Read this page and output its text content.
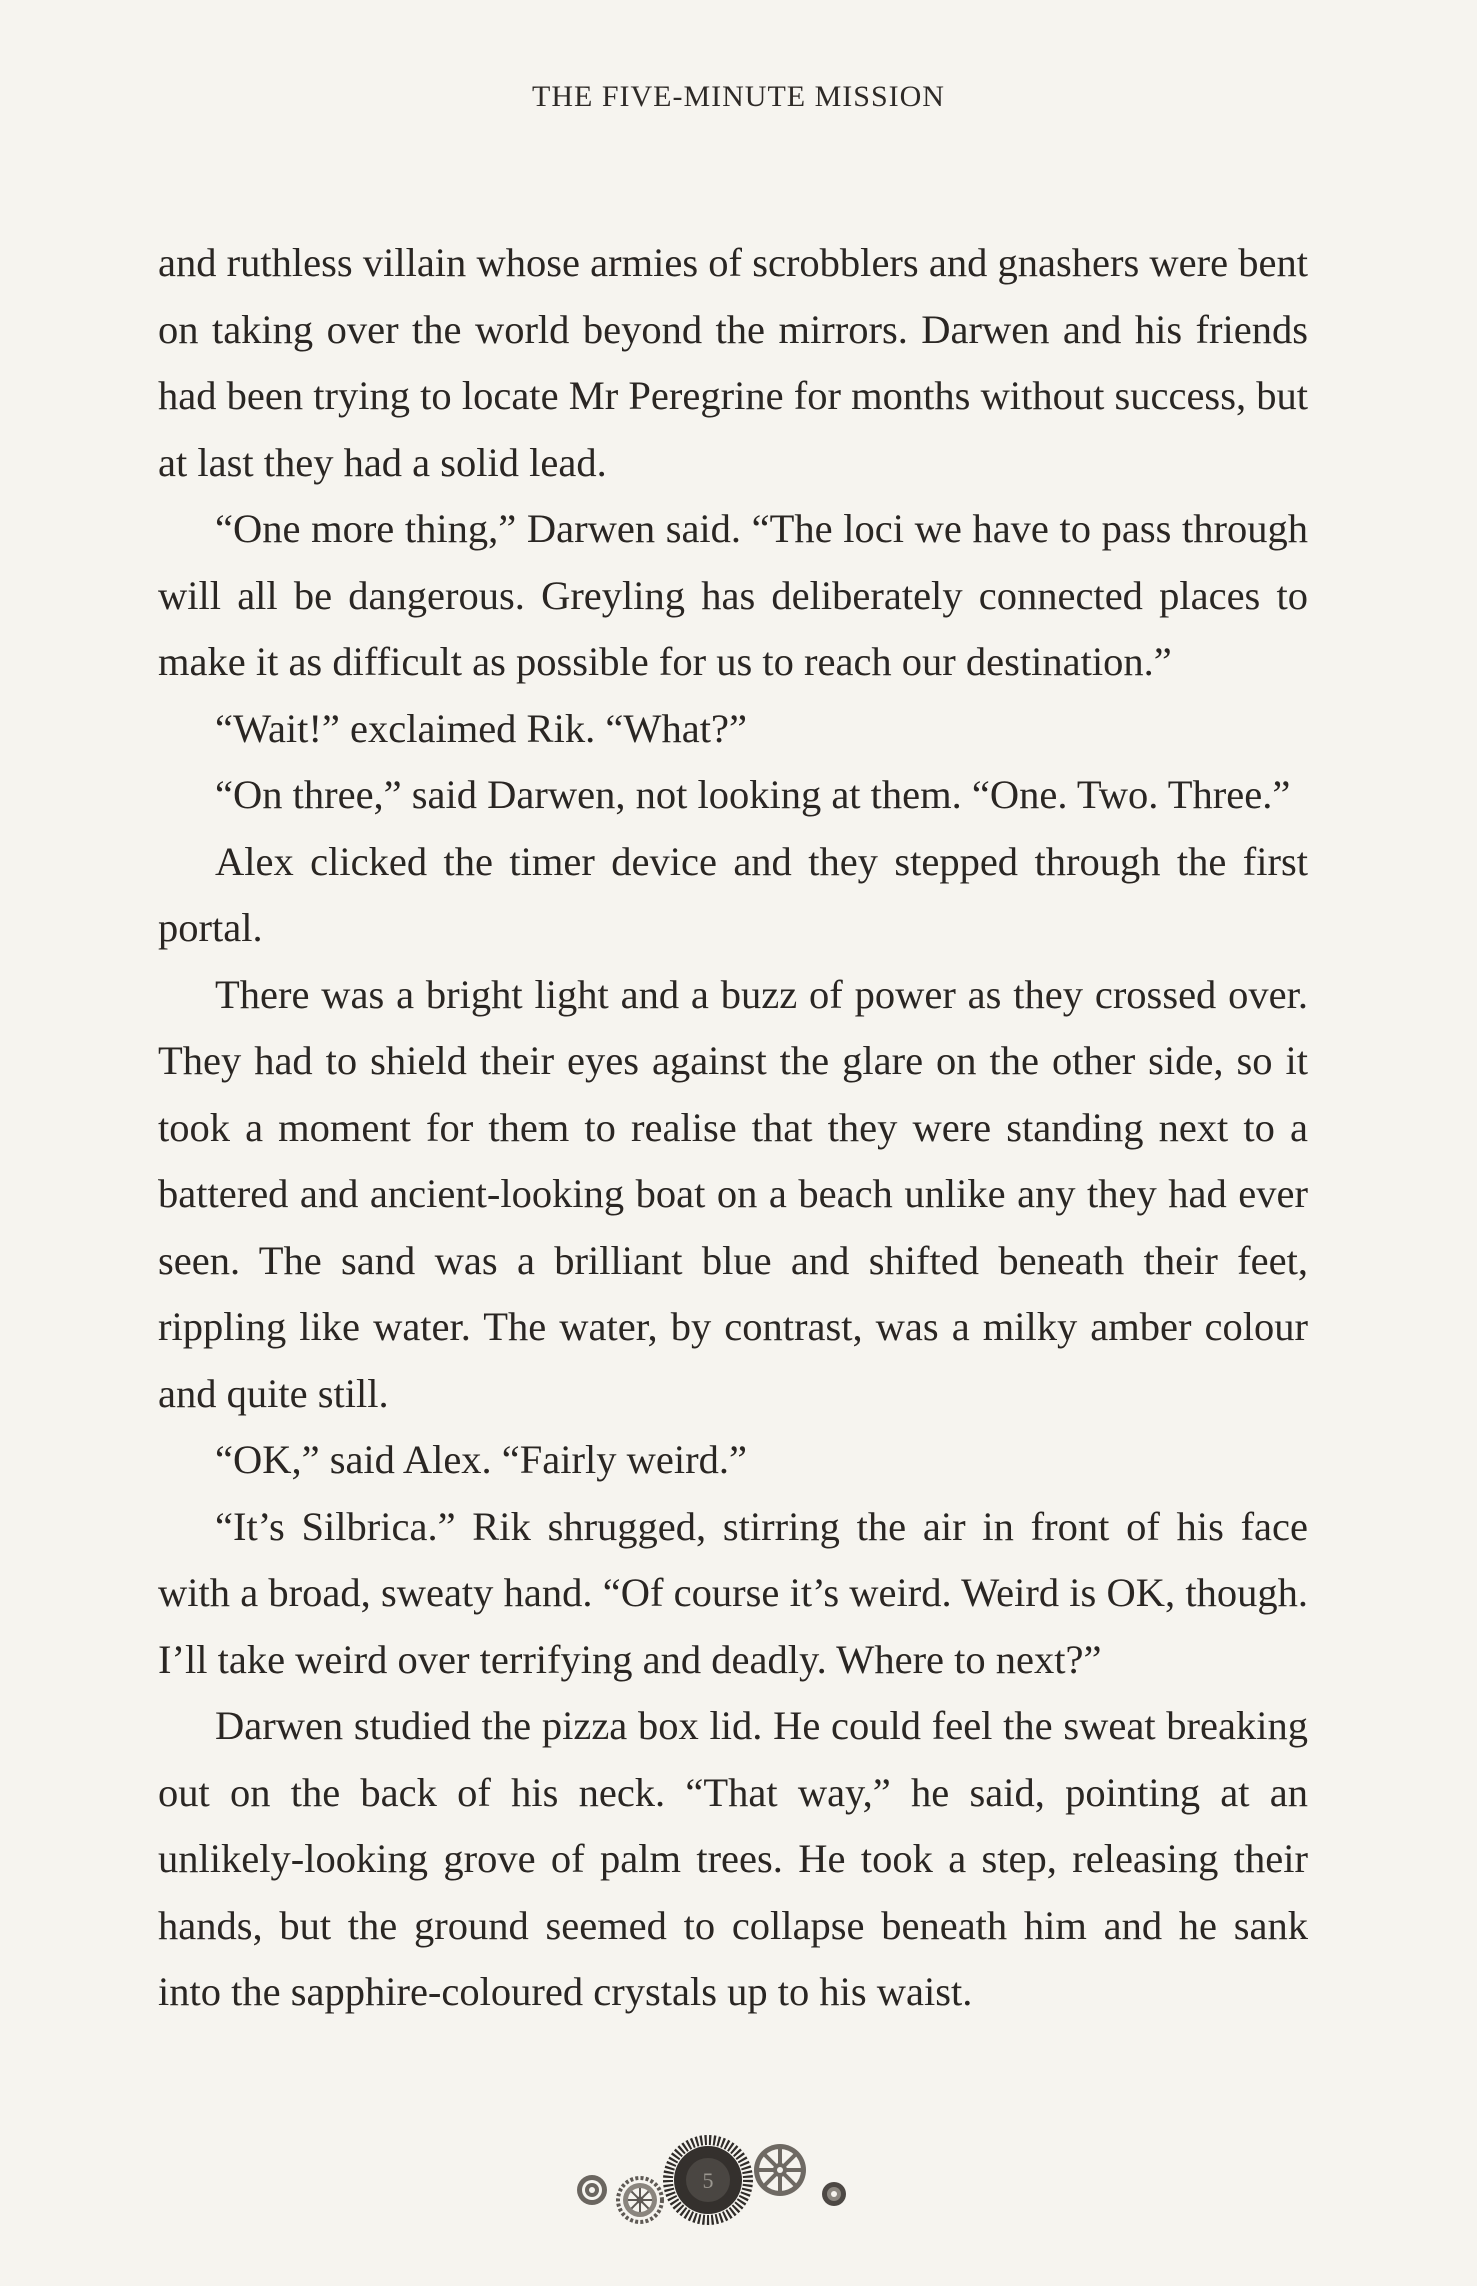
THE FIVE-MINUTE MISSION

and ruthless villain whose armies of scrobblers and gnashers were bent on taking over the world beyond the mirrors. Darwen and his friends had been trying to locate Mr Peregrine for months without success, but at last they had a solid lead.

“One more thing,” Darwen said. “The loci we have to pass through will all be dangerous. Greyling has deliberately connected places to make it as difficult as possible for us to reach our destination.”

“Wait!” exclaimed Rik. “What?”

“On three,” said Darwen, not looking at them. “One. Two. Three.”

Alex clicked the timer device and they stepped through the first portal.

There was a bright light and a buzz of power as they crossed over. They had to shield their eyes against the glare on the other side, so it took a moment for them to realise that they were standing next to a battered and ancient-looking boat on a beach unlike any they had ever seen. The sand was a brilliant blue and shifted beneath their feet, rippling like water. The water, by contrast, was a milky amber colour and quite still.

“OK,” said Alex. “Fairly weird.”

“It’s Silbrica.” Rik shrugged, stirring the air in front of his face with a broad, sweaty hand. “Of course it’s weird. Weird is OK, though. I’ll take weird over terrifying and deadly. Where to next?”

Darwen studied the pizza box lid. He could feel the sweat breaking out on the back of his neck. “That way,” he said, pointing at an unlikely-looking grove of palm trees. He took a step, releasing their hands, but the ground seemed to collapse beneath him and he sank into the sapphire-coloured crystals up to his waist.

5
